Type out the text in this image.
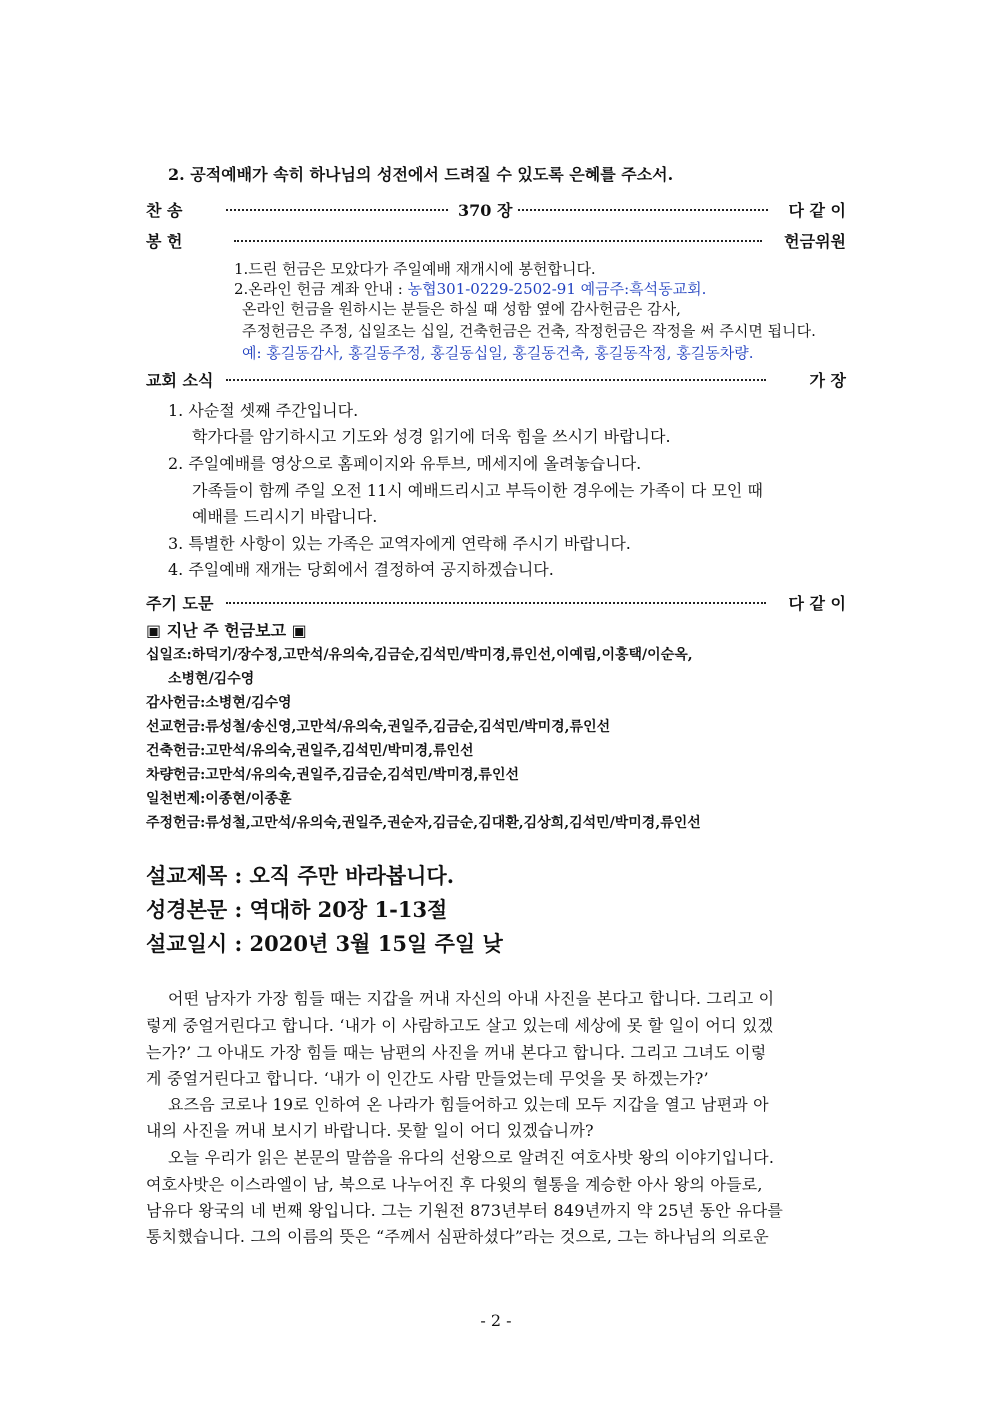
2. 공적예배가 속히 하나님의 성전에서 드려질 수 있도록 은혜를 주소서.
찬 송	370 장	다 같 이
봉 헌	헌금위원
1.드린 헌금은 모았다가 주일예배 재개시에 봉헌합니다.
2.온라인 헌금 계좌 안내 : 농협301-0229-2502-91 예금주:흑석동교회.
온라인 헌금을 원하시는 분들은 하실 때 성함 옆에 감사헌금은 감사,
주정헌금은 주정, 십일조는 십일, 건축헌금은 건축, 작정헌금은 작정을 써 주시면 됩니다.
예: 홍길동감사, 홍길동주정, 홍길동십일, 홍길동건축, 홍길동작정, 홍길동차량.
교회 소식	가 장
1. 사순절 셋째 주간입니다.
학가다를 암기하시고 기도와 성경 읽기에 더욱 힘을 쓰시기 바랍니다.
2. 주일예배를 영상으로 홈페이지와 유투브, 메세지에 올려놓습니다.
가족들이 함께 주일 오전 11시 예배드리시고 부득이한 경우에는 가족이 다 모인 때
예배를 드리시기 바랍니다.
3. 특별한 사항이 있는 가족은 교역자에게 연락해 주시기 바랍니다.
4. 주일예배 재개는 당회에서 결정하여 공지하겠습니다.
주기 도문	다 같 이
▣ 지난 주 헌금보고 ▣
십일조:하덕기/장수정,고만석/유의숙,김금순,김석민/박미경,류인선,이예림,이홍택/이순옥,
소병현/김수영
감사헌금:소병현/김수영
선교헌금:류성철/송신영,고만석/유의숙,권일주,김금순,김석민/박미경,류인선
건축헌금:고만석/유의숙,권일주,김석민/박미경,류인선
차량헌금:고만석/유의숙,권일주,김금순,김석민/박미경,류인선
일천번제:이종현/이종훈
주정헌금:류성철,고만석/유의숙,권일주,권순자,김금순,김대환,김상희,김석민/박미경,류인선
설교제목 : 오직 주만 바라봅니다.
성경본문 : 역대하 20장 1-13절
설교일시 : 2020년 3월 15일 주일 낮
어떤 남자가 가장 힘들 때는 지갑을 꺼내 자신의 아내 사진을 본다고 합니다. 그리고 이
렇게 중얼거린다고 합니다. ‘내가 이 사람하고도 살고 있는데 세상에 못 할 일이 어디 있겠
는가?’ 그 아내도 가장 힘들 때는 남편의 사진을 꺼내 본다고 합니다. 그리고 그녀도 이렇
게 중얼거린다고 합니다. ‘내가 이 인간도 사람 만들었는데 무엇을 못 하겠는가?’
요즈음 코로나 19로 인하여 온 나라가 힘들어하고 있는데 모두 지갑을 열고 남편과 아
내의 사진을 꺼내 보시기 바랍니다. 못할 일이 어디 있겠습니까?
오늘 우리가 읽은 본문의 말씀을 유다의 선왕으로 알려진 여호사밧 왕의 이야기입니다.
여호사밧은 이스라엘이 남, 북으로 나누어진 후 다윗의 혈통을 계승한 아사 왕의 아들로,
남유다 왕국의 네 번째 왕입니다. 그는 기원전 873년부터 849년까지 약 25년 동안 유다를
통치했습니다. 그의 이름의 뜻은 “주께서 심판하셨다”라는 것으로, 그는 하나님의 의로운
- 2 -
